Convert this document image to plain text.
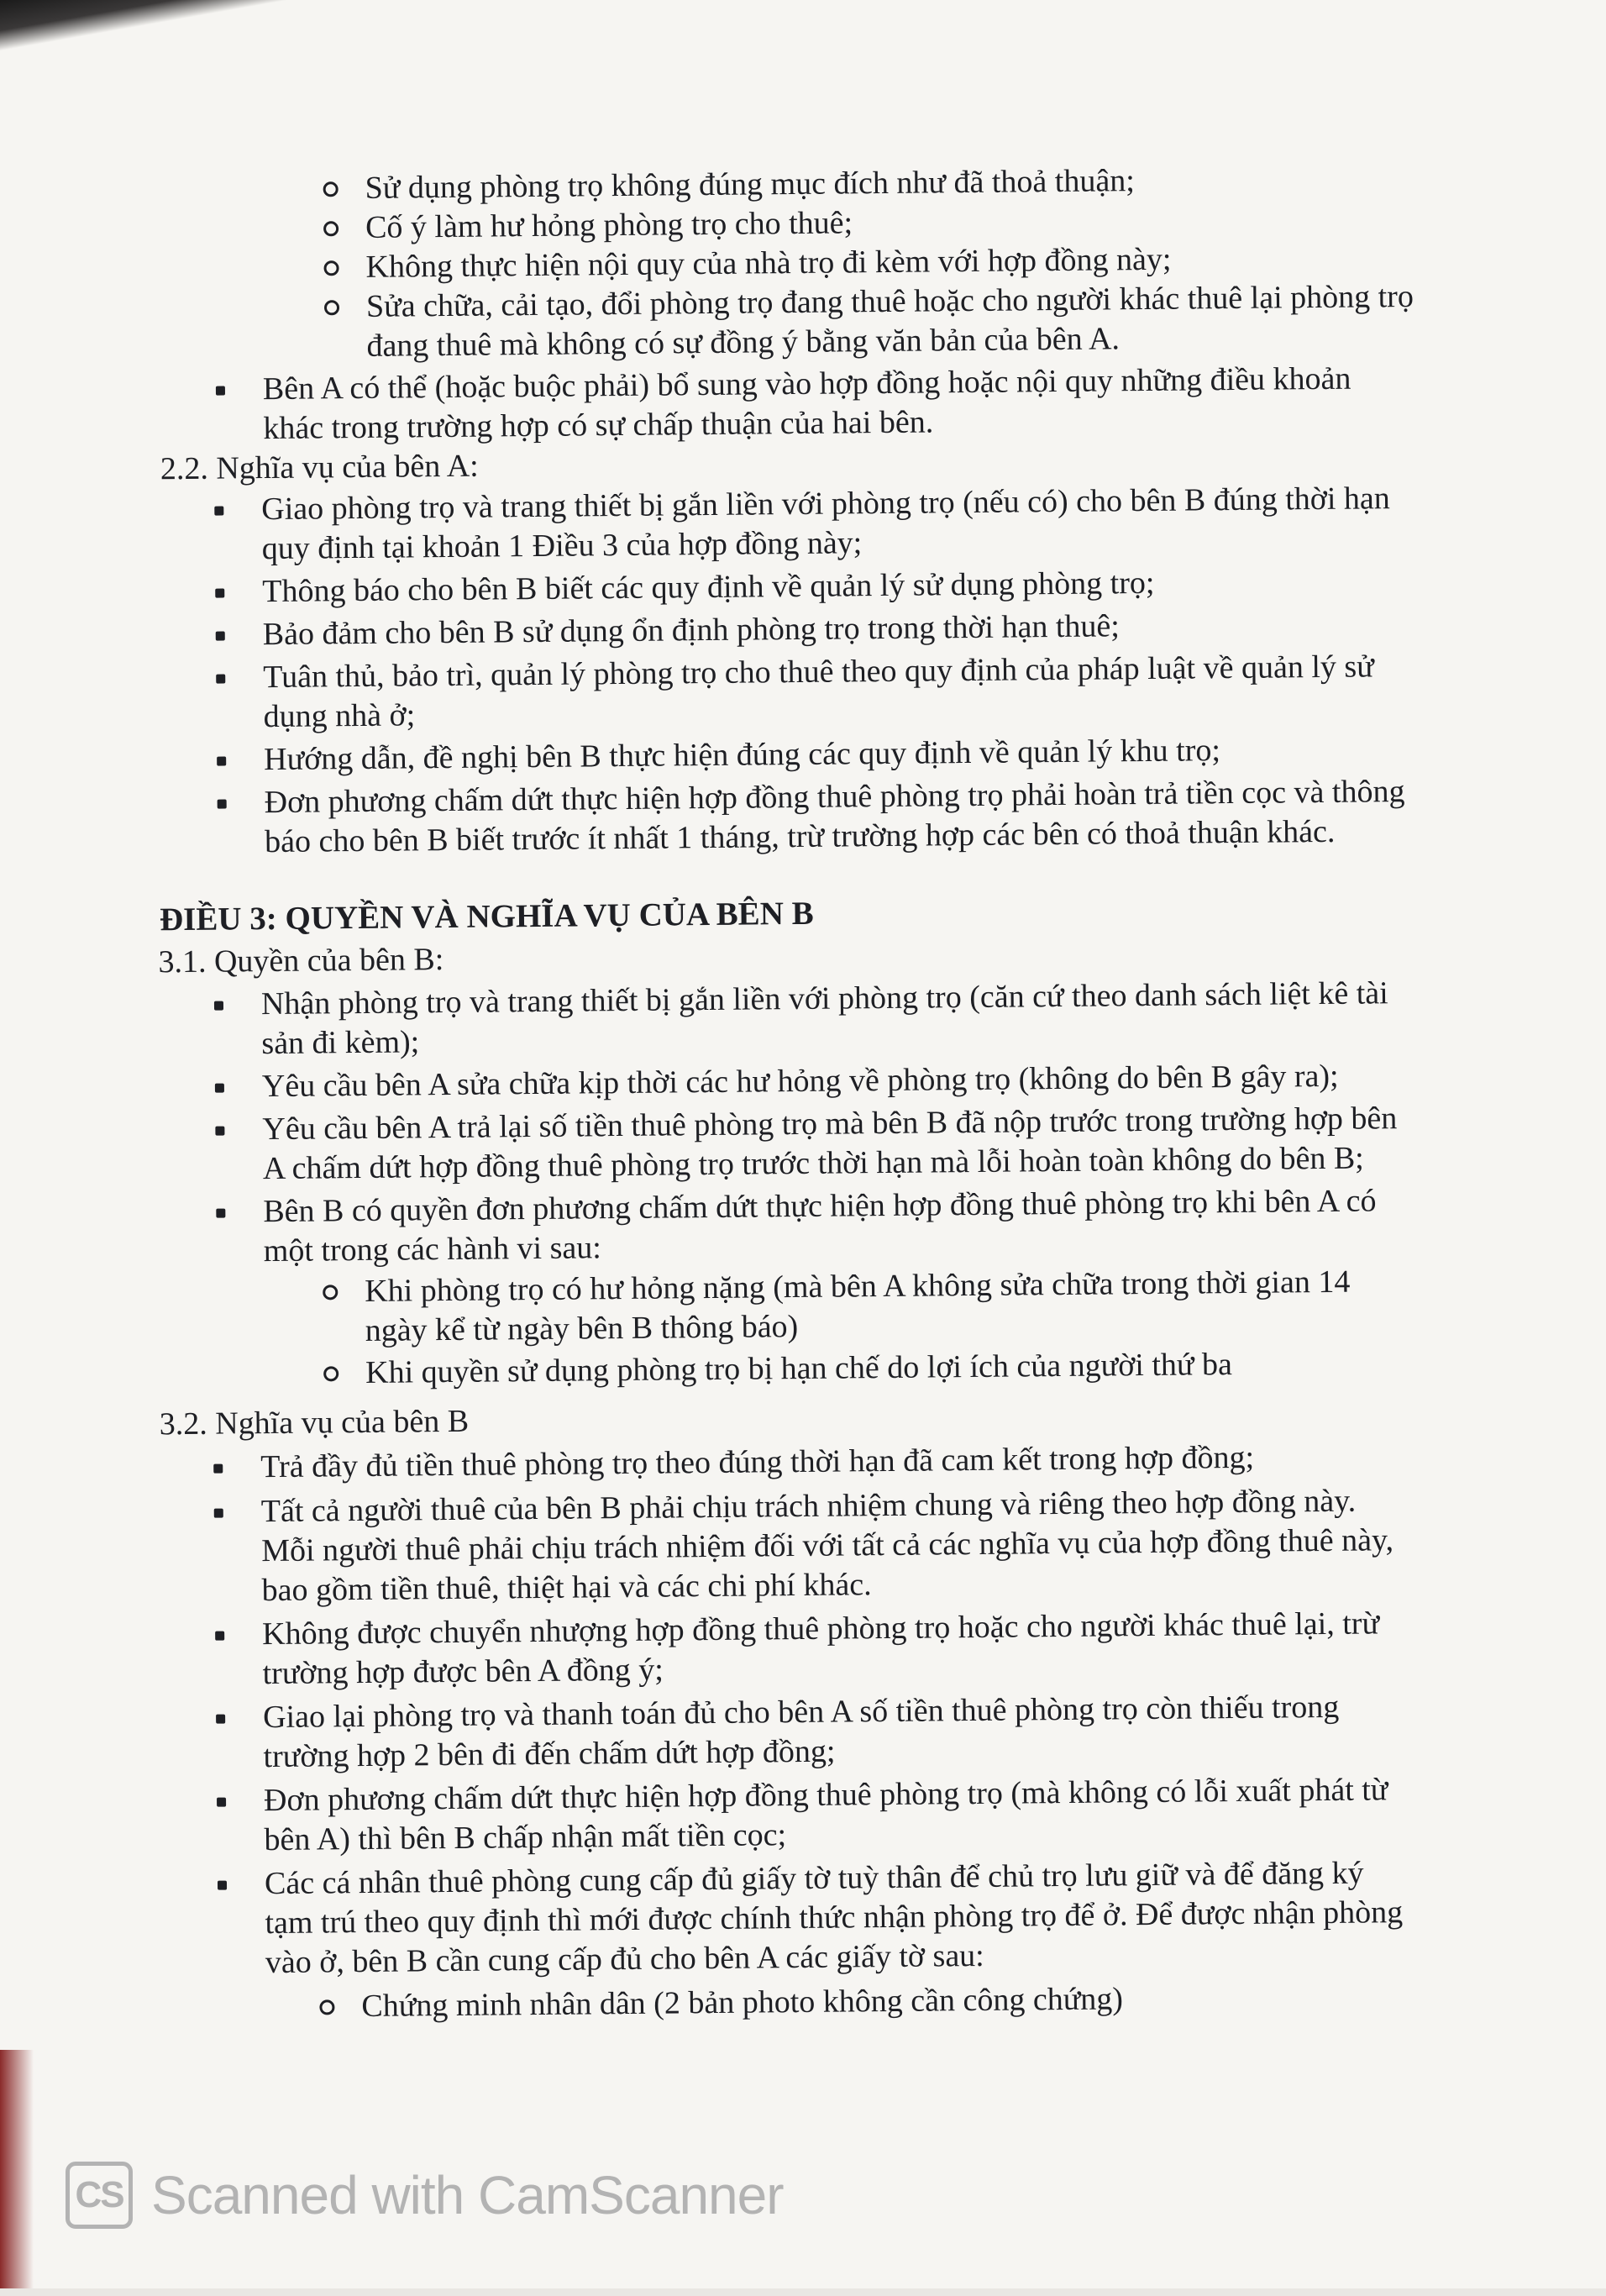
Sử dụng phòng trọ không đúng mục đích như đã thoả thuận;
Cố ý làm hư hỏng phòng trọ cho thuê;
Không thực hiện nội quy của nhà trọ đi kèm với hợp đồng này;
Sửa chữa, cải tạo, đổi phòng trọ đang thuê hoặc cho người khác thuê lại phòng trọ
đang thuê mà không có sự đồng ý bằng văn bản của bên A.
Bên A có thể (hoặc buộc phải) bổ sung vào hợp đồng hoặc nội quy những điều khoản
khác trong trường hợp có sự chấp thuận của hai bên.
2.2. Nghĩa vụ của bên A:
Giao phòng trọ và trang thiết bị gắn liền với phòng trọ (nếu có) cho bên B đúng thời hạn
quy định tại khoản 1 Điều 3 của hợp đồng này;
Thông báo cho bên B biết các quy định về quản lý sử dụng phòng trọ;
Bảo đảm cho bên B sử dụng ổn định phòng trọ trong thời hạn thuê;
Tuân thủ, bảo trì, quản lý phòng trọ cho thuê theo quy định của pháp luật về quản lý sử
dụng nhà ở;
Hướng dẫn, đề nghị bên B thực hiện đúng các quy định về quản lý khu trọ;
Đơn phương chấm dứt thực hiện hợp đồng thuê phòng trọ phải hoàn trả tiền cọc và thông
báo cho bên B biết trước ít nhất 1 tháng, trừ trường hợp các bên có thoả thuận khác.
ĐIỀU 3: QUYỀN VÀ NGHĨA VỤ CỦA BÊN B
3.1. Quyền của bên B:
Nhận phòng trọ và trang thiết bị gắn liền với phòng trọ (căn cứ theo danh sách liệt kê tài
sản đi kèm);
Yêu cầu bên A sửa chữa kịp thời các hư hỏng về phòng trọ (không do bên B gây ra);
Yêu cầu bên A trả lại số tiền thuê phòng trọ mà bên B đã nộp trước trong trường hợp bên
A chấm dứt hợp đồng thuê phòng trọ trước thời hạn mà lỗi hoàn toàn không do bên B;
Bên B có quyền đơn phương chấm dứt thực hiện hợp đồng thuê phòng trọ khi bên A có
một trong các hành vi sau:
Khi phòng trọ có hư hỏng nặng (mà bên A không sửa chữa trong thời gian 14
ngày kể từ ngày bên B thông báo)
Khi quyền sử dụng phòng trọ bị hạn chế do lợi ích của người thứ ba
3.2. Nghĩa vụ của bên B
Trả đầy đủ tiền thuê phòng trọ theo đúng thời hạn đã cam kết trong hợp đồng;
Tất cả người thuê của bên B phải chịu trách nhiệm chung và riêng theo hợp đồng này.
Mỗi người thuê phải chịu trách nhiệm đối với tất cả các nghĩa vụ của hợp đồng thuê này,
bao gồm tiền thuê, thiệt hại và các chi phí khác.
Không được chuyển nhượng hợp đồng thuê phòng trọ hoặc cho người khác thuê lại, trừ
trường hợp được bên A đồng ý;
Giao lại phòng trọ và thanh toán đủ cho bên A số tiền thuê phòng trọ còn thiếu trong
trường hợp 2 bên đi đến chấm dứt hợp đồng;
Đơn phương chấm dứt thực hiện hợp đồng thuê phòng trọ (mà không có lỗi xuất phát từ
bên A) thì bên B chấp nhận mất tiền cọc;
Các cá nhân thuê phòng cung cấp đủ giấy tờ tuỳ thân để chủ trọ lưu giữ và để đăng ký
tạm trú theo quy định thì mới được chính thức nhận phòng trọ để ở. Để được nhận phòng
vào ở, bên B cần cung cấp đủ cho bên A các giấy tờ sau:
Chứng minh nhân dân (2 bản photo không cần công chứng)
CS Scanned with CamScanner
